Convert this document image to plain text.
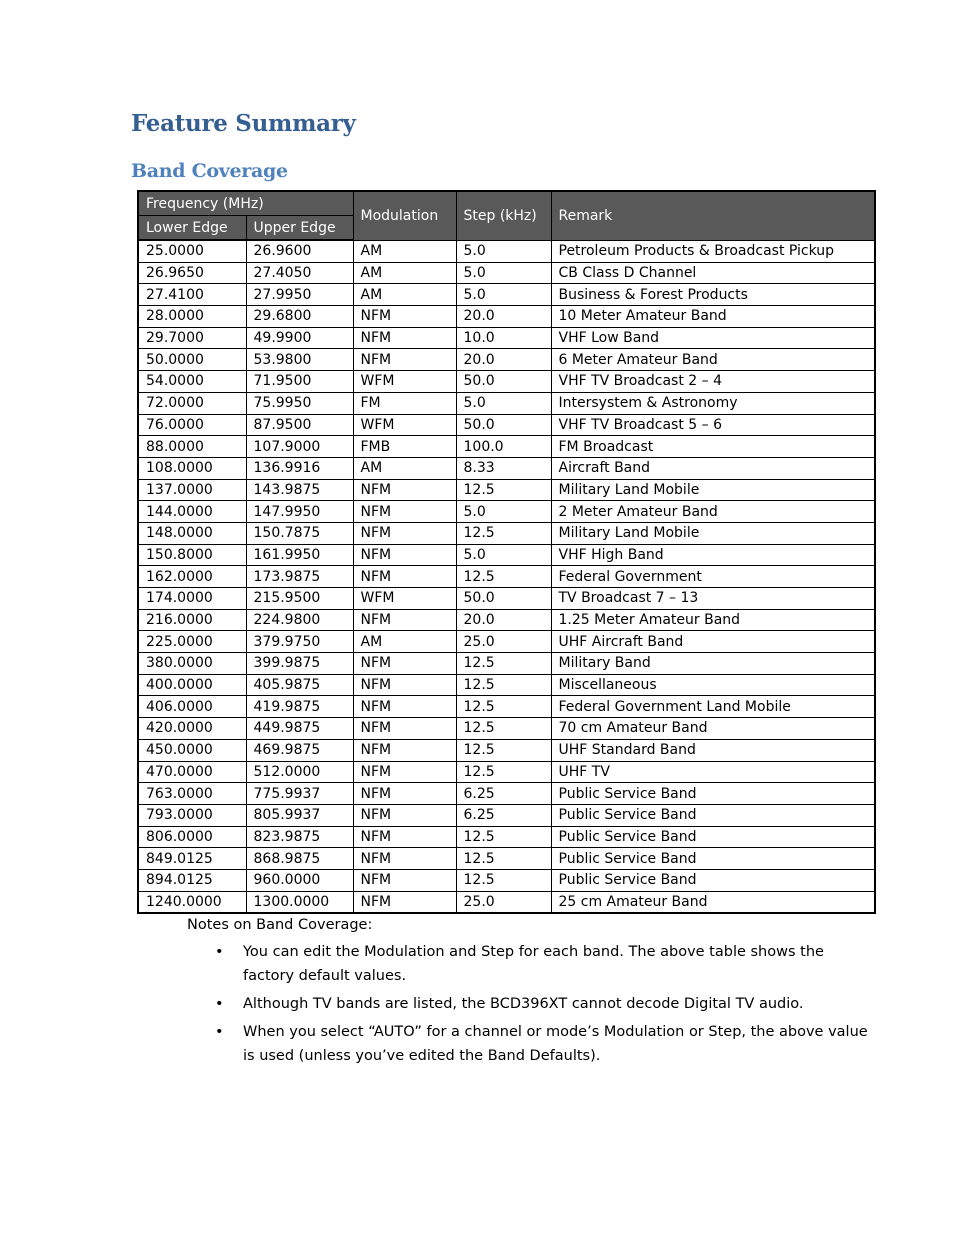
Feature Summary
Band Coverage
Frequency (MHz)		Modulation	Step (kHz)	Remark
Lower Edge	Upper Edge			
25.0000	26.9600	AM	5.0	Petroleum Products & Broadcast Pickup
26.9650	27.4050	AM	5.0	CB Class D Channel
27.4100	27.9950	AM	5.0	Business & Forest Products
28.0000	29.6800	NFM	20.0	10 Meter Amateur Band
29.7000	49.9900	NFM	10.0	VHF Low Band
50.0000	53.9800	NFM	20.0	6 Meter Amateur Band
54.0000	71.9500	WFM	50.0	VHF TV Broadcast 2 – 4
72.0000	75.9950	FM	5.0	Intersystem & Astronomy
76.0000	87.9500	WFM	50.0	VHF TV Broadcast 5 – 6
88.0000	107.9000	FMB	100.0	FM Broadcast
108.0000	136.9916	AM	8.33	Aircraft Band
137.0000	143.9875	NFM	12.5	Military Land Mobile
144.0000	147.9950	NFM	5.0	2 Meter Amateur Band
148.0000	150.7875	NFM	12.5	Military Land Mobile
150.8000	161.9950	NFM	5.0	VHF High Band
162.0000	173.9875	NFM	12.5	Federal Government
174.0000	215.9500	WFM	50.0	TV Broadcast 7 – 13
216.0000	224.9800	NFM	20.0	1.25 Meter Amateur Band
225.0000	379.9750	AM	25.0	UHF Aircraft Band
380.0000	399.9875	NFM	12.5	Military Band
400.0000	405.9875	NFM	12.5	Miscellaneous
406.0000	419.9875	NFM	12.5	Federal Government Land Mobile
420.0000	449.9875	NFM	12.5	70 cm Amateur Band
450.0000	469.9875	NFM	12.5	UHF Standard Band
470.0000	512.0000	NFM	12.5	UHF TV
763.0000	775.9937	NFM	6.25	Public Service Band
793.0000	805.9937	NFM	6.25	Public Service Band
806.0000	823.9875	NFM	12.5	Public Service Band
849.0125	868.9875	NFM	12.5	Public Service Band
894.0125	960.0000	NFM	12.5	Public Service Band
1240.0000	1300.0000	NFM	25.0	25 cm Amateur Band
Notes on Band Coverage:
• You can edit the Modulation and Step for each band. The above table shows the factory default values.
• Although TV bands are listed, the BCD396XT cannot decode Digital TV audio.
• When you select “AUTO” for a channel or mode’s Modulation or Step, the above value is used (unless you’ve edited the Band Defaults).
